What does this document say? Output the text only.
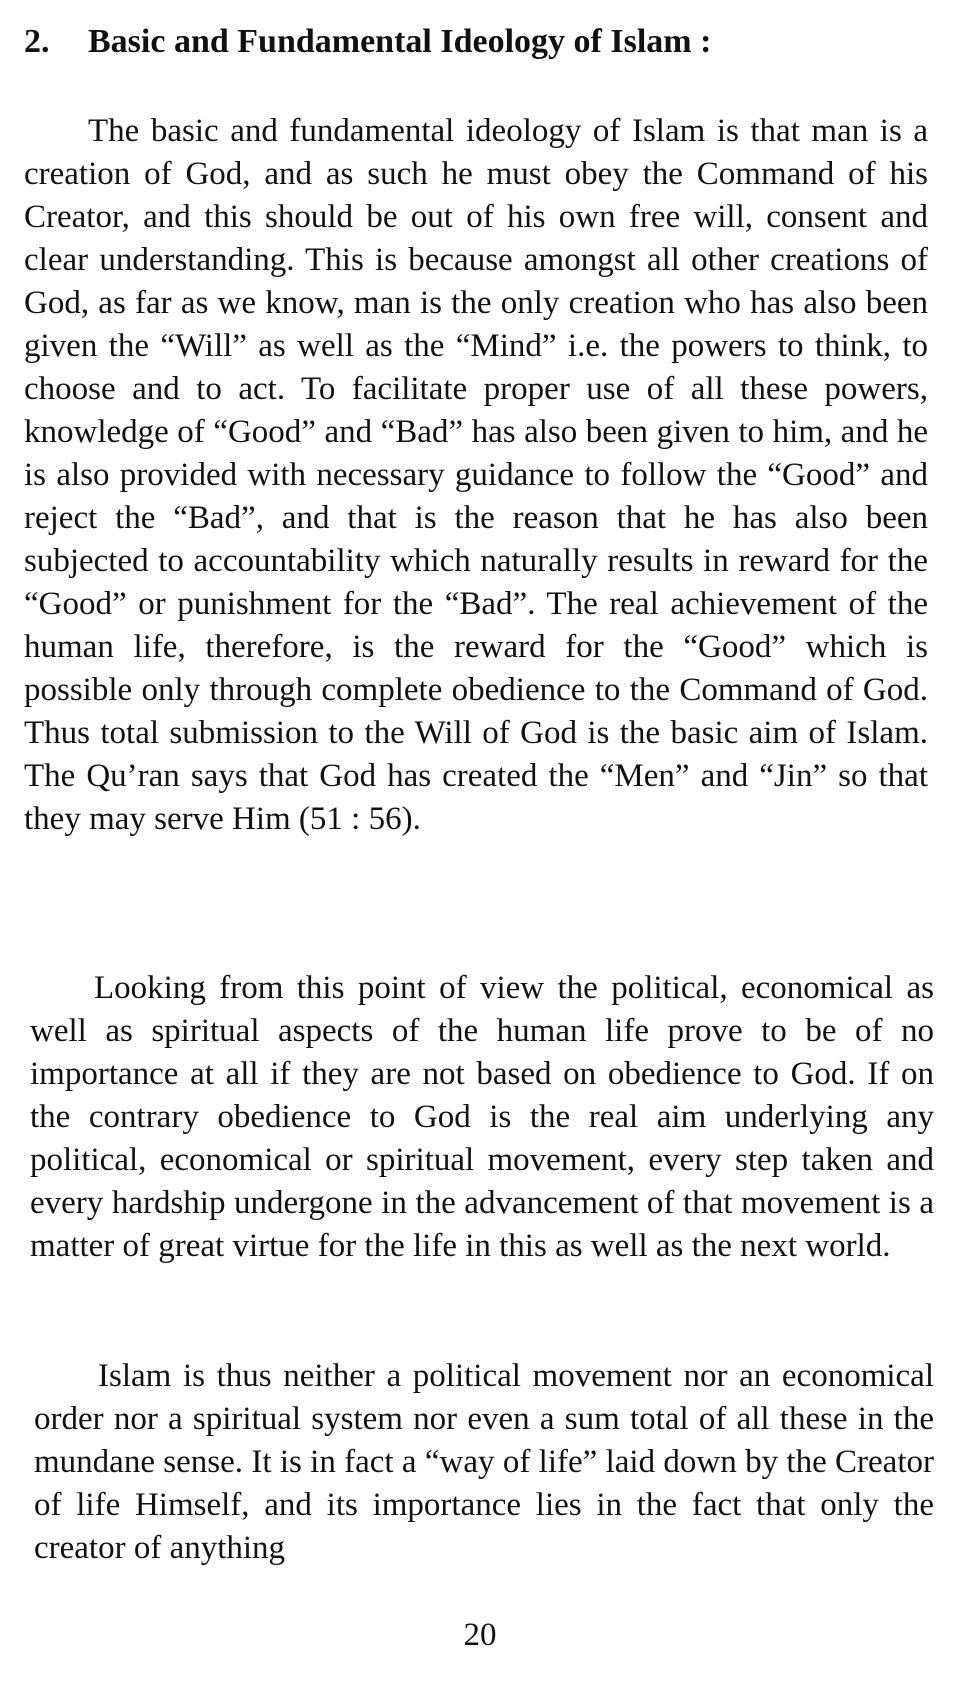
2. Basic and Fundamental Ideology of Islam :

The basic and fundamental ideology of Islam is that man is a creation of God, and as such he must obey the Command of his Creator, and this should be out of his own free will, consent and clear understanding. This is because amongst all other creations of God, as far as we know, man is the only creation who has also been given the “Will” as well as the “Mind” i.e. the powers to think, to choose and to act. To facilitate proper use of all these powers, knowledge of “Good” and “Bad” has also been given to him, and he is also provided with necessary guidance to follow the “Good” and reject the “Bad”, and that is the reason that he has also been subjected to accountability which naturally results in reward for the “Good” or punishment for the “Bad”. The real achievement of the human life, therefore, is the reward for the “Good” which is possible only through complete obedience to the Command of God. Thus total submission to the Will of God is the basic aim of Islam. The Qu’ran says that God has created the “Men” and “Jin” so that they may serve Him (51 : 56).

Looking from this point of view the political, economical as well as spiritual aspects of the human life prove to be of no importance at all if they are not based on obedience to God. If on the contrary obedience to God is the real aim underlying any political, economical or spiritual movement, every step taken and every hardship undergone in the advancement of that movement is a matter of great virtue for the life in this as well as the next world.

Islam is thus neither a political movement nor an economical order nor a spiritual system nor even a sum total of all these in the mundane sense. It is in fact a “way of life” laid down by the Creator of life Himself, and its importance lies in the fact that only the creator of anything

20
